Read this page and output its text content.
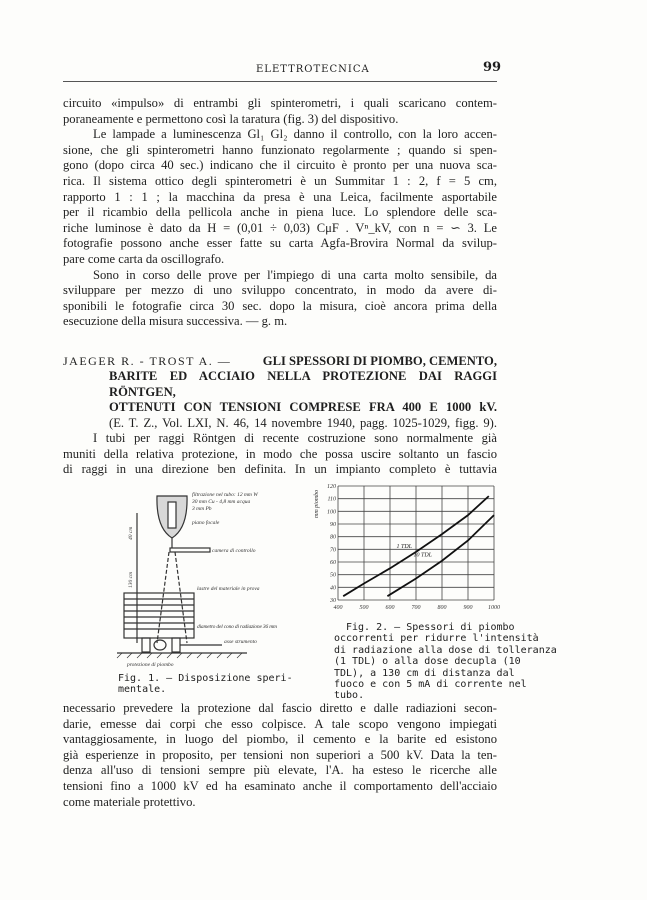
ELETTROTECNICA	99
circuito «impulso» di entrambi gli spinterometri, i quali scaricano contem-
poraneamente e permettono così la taratura (fig. 3) del dispositivo.
Le lampade a luminescenza Gl₁ Gl₂ danno il controllo, con la loro accen-
sione, che gli spinterometri hanno funzionato regolarmente ; quando si spen-
gono (dopo circa 40 sec.) indicano che il circuito è pronto per una nuova sca-
rica. Il sistema ottico degli spinterometri è un Summitar 1 : 2, f = 5 cm,
rapporto 1 : 1 ; la macchina da presa è una Leica, facilmente asportabile
per il ricambio della pellicola anche in piena luce. Lo splendore delle sca-
riche luminose è dato da H = (0,01 ÷ 0,03) CμF . Vⁿ_kV, con n = ∽ 3. Le
fotografie possono anche esser fatte su carta Agfa-Brovira Normal da svilup-
pare come carta da oscillografo.
Sono in corso delle prove per l'impiego di una carta molto sensibile, da
sviluppare per mezzo di uno sviluppo concentrato, in modo da avere di-
sponibili le fotografie circa 30 sec. dopo la misura, cioè ancora prima della
esecuzione della misura successiva. — g. m.
JAEGER R. - TROST A. —	GLI SPESSORI DI PIOMBO, CEMENTO,
BARITE ED ACCIAIO NELLA PROTEZIONE DAI RAGGI RÖNTGEN,
OTTENUTI CON TENSIONI COMPRESE FRA 400 E 1000 kV.
(E. T. Z., Vol. LXI, N. 46, 14 novembre 1940, pagg. 1025-1029, figg. 9).
I tubi per raggi Röntgen di recente costruzione sono normalmente già
muniti della relativa protezione, in modo che possa uscire soltanto un fascio
di raggi in una direzione ben definita. In un impianto completo è tuttavia
filtrazione nel tubo: 12 mm W
30 mm Cu - 4,8 mm acqua
3 mm Pb
piano focale
camera di controllo
lastre del materiale in prova
diametro del cono di radiazione 36 mm
asse strumento
protezione di piombo
40 cm
130 cm
Fig. 1. — Disposizione speri-
mentale.
400	500	600	700	800	900	1000
30
40
50
60
70
80
90
100
110
120
mm piombo
1 TDL
10 TDL
Fig. 2. — Spessori di piombo
occorrenti per ridurre l'intensità
di radiazione alla dose di tolleranza
(1 TDL) o alla dose decupla (10
TDL), a 130 cm di distanza dal
fuoco e con 5 mA di corrente nel
tubo.
necessario prevedere la protezione dal fascio diretto e dalle radiazioni secon-
darie, emesse dai corpi che esso colpisce. A tale scopo vengono impiegati
vantaggiosamente, in luogo del piombo, il cemento e la barite ed esistono
già esperienze in proposito, per tensioni non superiori a 500 kV. Data la ten-
denza all'uso di tensioni sempre più elevate, l'A. ha esteso le ricerche alle
tensioni fino a 1000 kV ed ha esaminato anche il comportamento dell'acciaio
come materiale protettivo.
